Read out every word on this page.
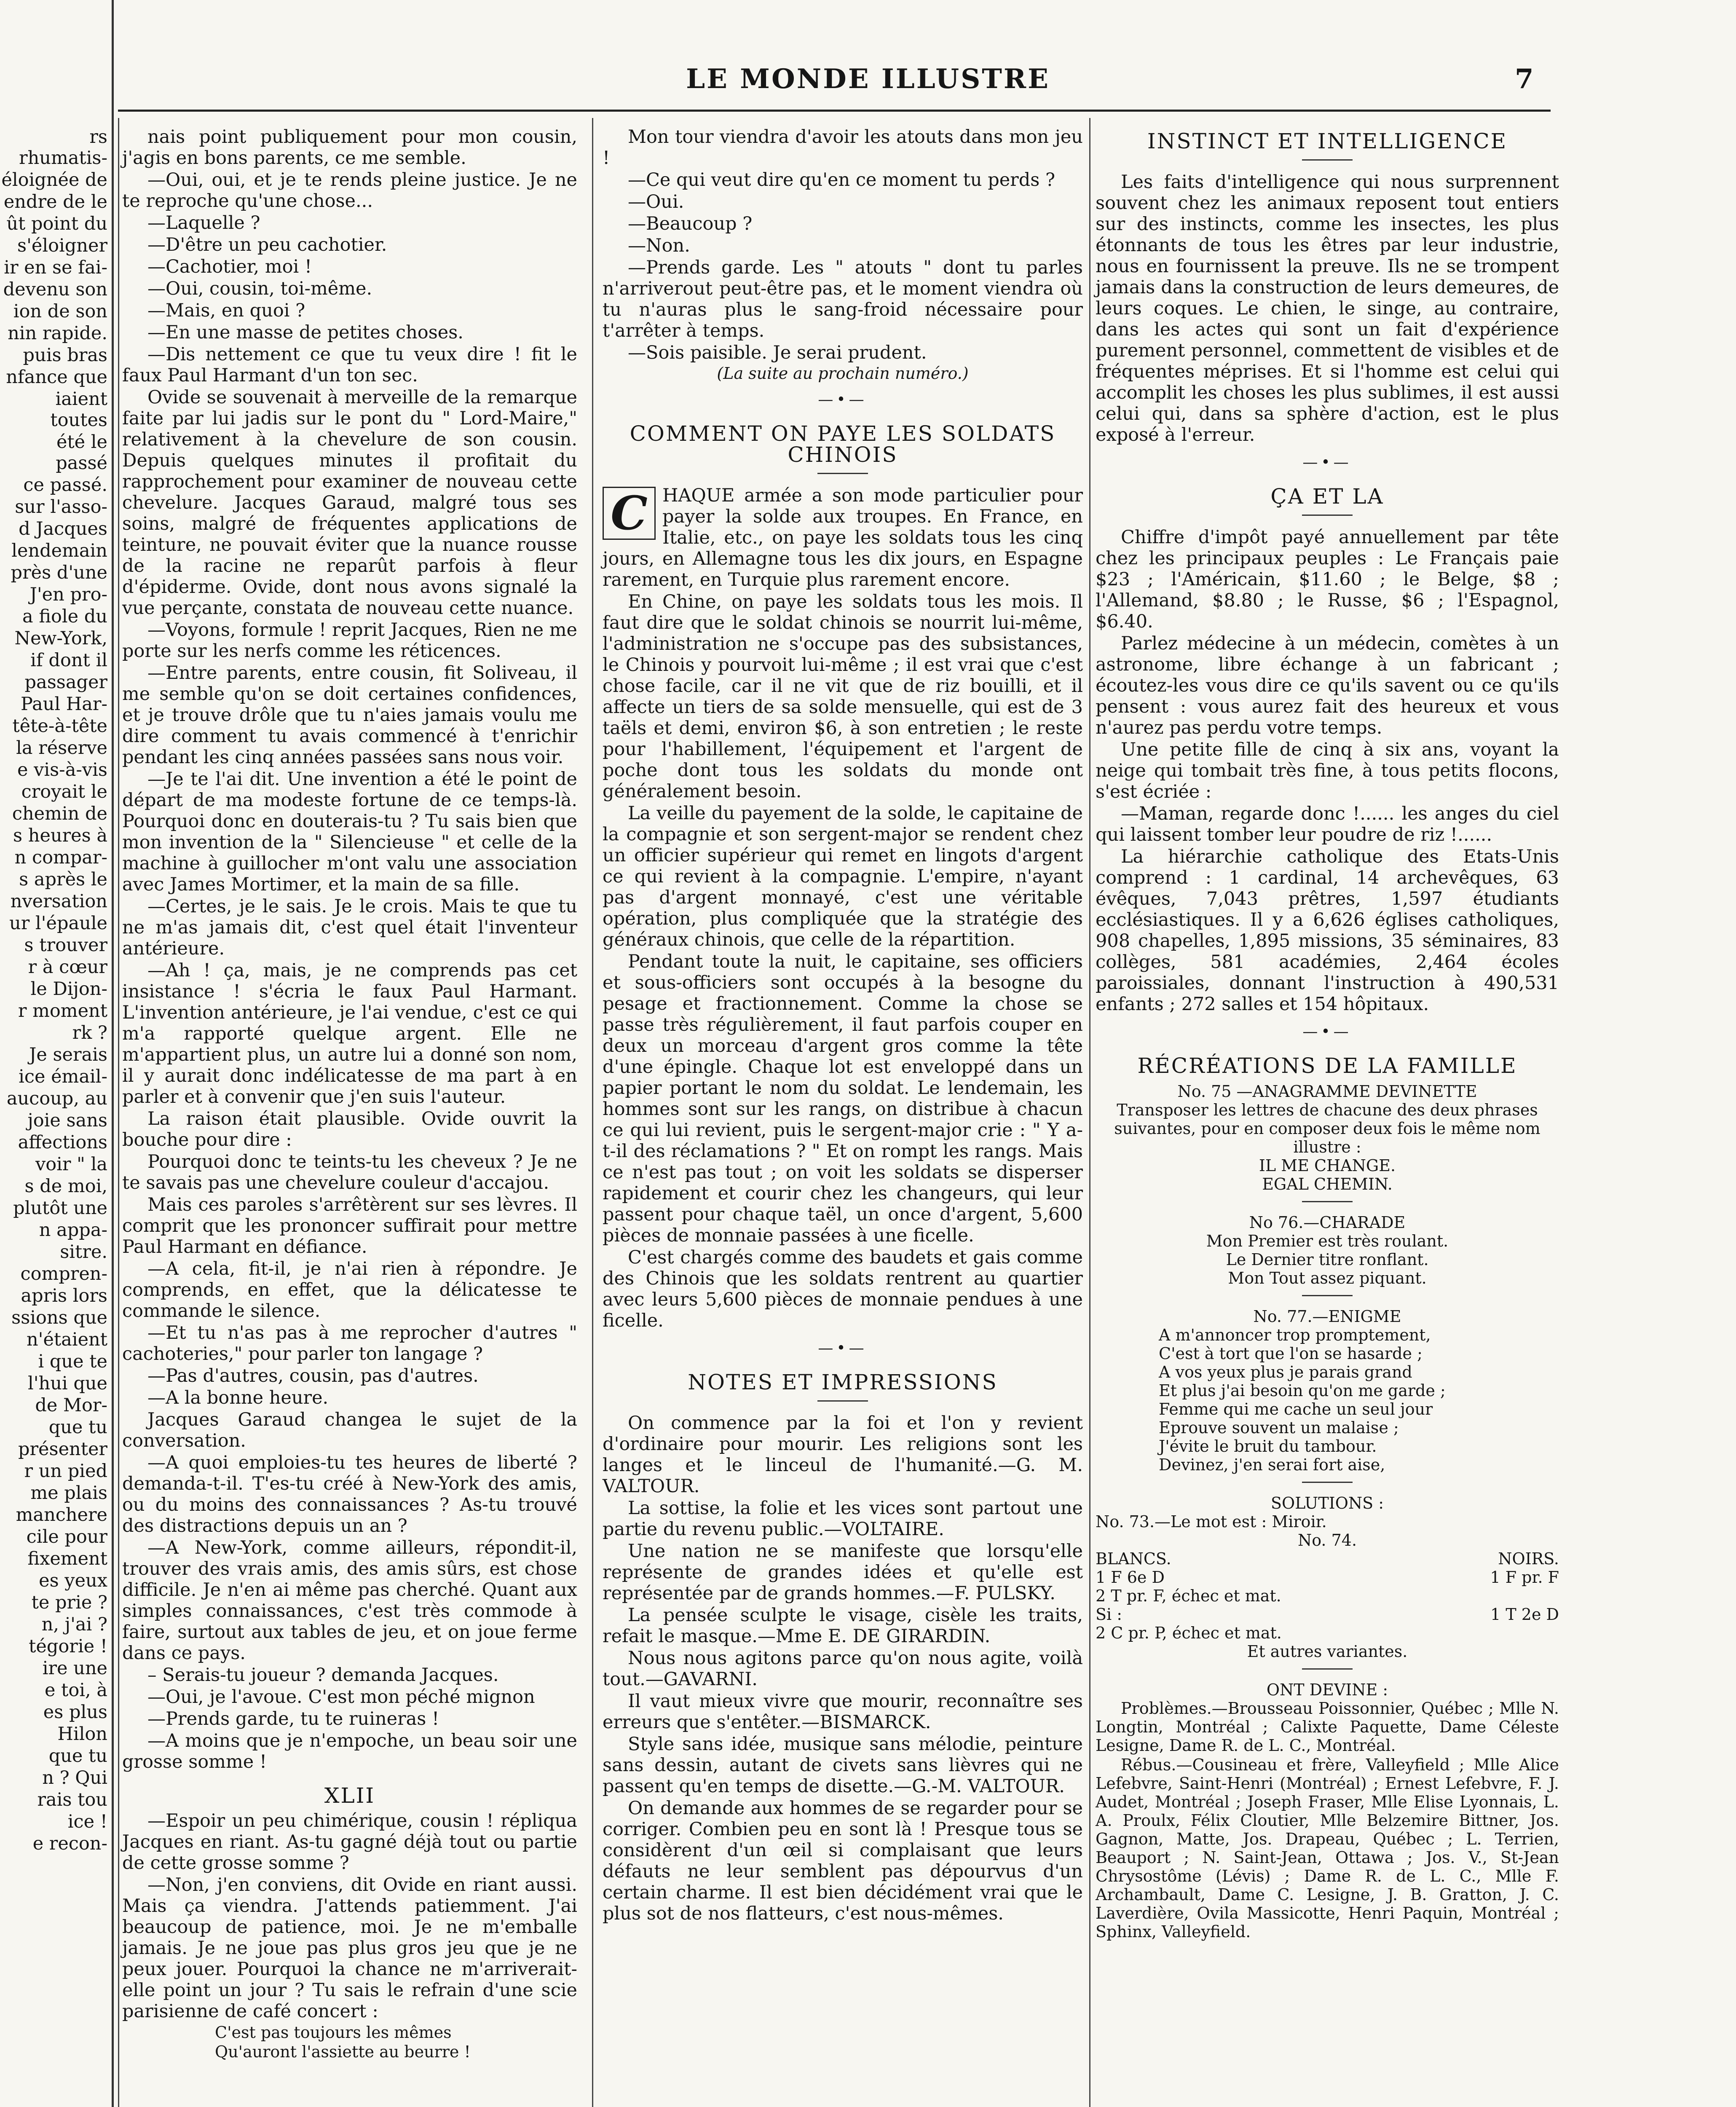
LE MONDE ILLUSTRE	7

rs rhumatis-

éloignée de

endre de le

ût point du

s'éloigner

ir en se fai-

devenu son

ion de son

nin rapide.

puis bras

nfance que

iaient toutes

été le passé

ce passé.

sur l'asso-

d Jacques

lendemain

près d'une

J'en pro-

a fiole du

New-York,

if dont il

passager

Paul Har-

tête-à-tête

la réserve

e vis-à-vis

croyait le

chemin de

s heures à

n compar-

s après le

nversation

ur l'épaule

s trouver

r à cœur

le Dijon-

r moment

rk ?

Je serais

ice émail-

aucoup, au

joie sans

affections

voir " la

s de moi,

plutôt une

n appa-

sitre.

compren-

apris lors

ssions que

n'étaient

i que te

l'hui que

de Mor-

que tu

présenter

r un pied

me plais

manchere

cile pour

fixement

es yeux

te prie ?

n, j'ai ?

tégorie !

ire une

e toi, à

es plus

Hilon

que tu

n ? Qui

rais tou

ice !

e recon-

nais point publiquement pour mon cousin, j'agis en bons parents, ce me semble.

—Oui, oui, et je te rends pleine justice. Je ne te reproche qu'une chose...

—Laquelle ?

—D'être un peu cachotier.

—Cachotier, moi !

—Oui, cousin, toi-même.

—Mais, en quoi ?

—En une masse de petites choses.

—Dis nettement ce que tu veux dire ! fit le faux Paul Harmant d'un ton sec.

Ovide se souvenait à merveille de la remarque faite par lui jadis sur le pont du " Lord-Maire," relativement à la chevelure de son cousin. Depuis quelques minutes il profitait du rapprochement pour examiner de nouveau cette chevelure. Jacques Garaud, malgré tous ses soins, malgré de fréquentes applications de teinture, ne pouvait éviter que la nuance rousse de la racine ne reparût parfois à fleur d'épiderme. Ovide, dont nous avons signalé la vue perçante, constata de nouveau cette nuance.

—Voyons, formule ! reprit Jacques, Rien ne me porte sur les nerfs comme les réticences.

—Entre parents, entre cousin, fit Soliveau, il me semble qu'on se doit certaines confidences, et je trouve drôle que tu n'aies jamais voulu me dire comment tu avais commencé à t'enrichir pendant les cinq années passées sans nous voir.

—Je te l'ai dit. Une invention a été le point de départ de ma modeste fortune de ce temps-là. Pourquoi donc en douterais-tu ? Tu sais bien que mon invention de la " Silencieuse " et celle de la machine à guillocher m'ont valu une association avec James Mortimer, et la main de sa fille.

—Certes, je le sais. Je le crois. Mais te que tu ne m'as jamais dit, c'est quel était l'inventeur antérieure.

—Ah ! ça, mais, je ne comprends pas cet insistance ! s'écria le faux Paul Harmant. L'invention antérieure, je l'ai vendue, c'est ce qui m'a rapporté quelque argent. Elle ne m'appartient plus, un autre lui a donné son nom, il y aurait donc indélicatesse de ma part à en parler et à convenir que j'en suis l'auteur.

La raison était plausible. Ovide ouvrit la bouche pour dire :

Pourquoi donc te teints-tu les cheveux ? Je ne te savais pas une chevelure couleur d'accajou.

Mais ces paroles s'arrêtèrent sur ses lèvres. Il comprit que les prononcer suffirait pour mettre Paul Harmant en défiance.

—A cela, fit-il, je n'ai rien à répondre. Je comprends, en effet, que la délicatesse te commande le silence.

—Et tu n'as pas à me reprocher d'autres " cachoteries," pour parler ton langage ?

—Pas d'autres, cousin, pas d'autres.

—A la bonne heure.

Jacques Garaud changea le sujet de la conversation.

—A quoi emploies-tu tes heures de liberté ? demanda-t-il. T'es-tu créé à New-York des amis, ou du moins des connaissances ? As-tu trouvé des distractions depuis un an ?

—A New-York, comme ailleurs, répondit-il, trouver des vrais amis, des amis sûrs, est chose difficile. Je n'en ai même pas cherché. Quant aux simples connaissances, c'est très commode à faire, surtout aux tables de jeu, et on joue ferme dans ce pays.

– Serais-tu joueur ? demanda Jacques.

—Oui, je l'avoue. C'est mon péché mignon

—Prends garde, tu te ruineras !

—A moins que je n'empoche, un beau soir une grosse somme !

XLII

—Espoir un peu chimérique, cousin ! répliqua Jacques en riant. As-tu gagné déjà tout ou partie de cette grosse somme ?

—Non, j'en conviens, dit Ovide en riant aussi. Mais ça viendra. J'attends patiemment. J'ai beaucoup de patience, moi. Je ne m'emballe jamais. Je ne joue pas plus gros jeu que je ne peux jouer. Pourquoi la chance ne m'arriverait-elle point un jour ? Tu sais le refrain d'une scie parisienne de café concert :

C'est pas toujours les mêmes
Qu'auront l'assiette au beurre !

Mon tour viendra d'avoir les atouts dans mon jeu !

—Ce qui veut dire qu'en ce moment tu perds ?

—Oui.

—Beaucoup ?

—Non.

—Prends garde. Les " atouts " dont tu parles n'arriverout peut-être pas, et le moment viendra où tu n'auras plus le sang-froid nécessaire pour t'arrêter à temps.

—Sois paisible. Je serai prudent.

(La suite au prochain numéro.)
—•—
COMMENT ON PAYE LES SOLDATS CHINOIS

C HAQUE armée a son mode particulier pour payer la solde aux troupes. En France, en Italie, etc., on paye les soldats tous les cinq jours, en Allemagne tous les dix jours, en Espagne rarement, en Turquie plus rarement encore.

En Chine, on paye les soldats tous les mois. Il faut dire que le soldat chinois se nourrit lui-même, l'administration ne s'occupe pas des subsistances, le Chinois y pourvoit lui-même ; il est vrai que c'est chose facile, car il ne vit que de riz bouilli, et il affecte un tiers de sa solde mensuelle, qui est de 3 taëls et demi, environ $6, à son entretien ; le reste pour l'habillement, l'équipement et l'argent de poche dont tous les soldats du monde ont généralement besoin.

La veille du payement de la solde, le capitaine de la compagnie et son sergent-major se rendent chez un officier supérieur qui remet en lingots d'argent ce qui revient à la compagnie. L'empire, n'ayant pas d'argent monnayé, c'est une véritable opération, plus compliquée que la stratégie des généraux chinois, que celle de la répartition.

Pendant toute la nuit, le capitaine, ses officiers et sous-officiers sont occupés à la besogne du pesage et fractionnement. Comme la chose se passe très régulièrement, il faut parfois couper en deux un morceau d'argent gros comme la tête d'une épingle. Chaque lot est enveloppé dans un papier portant le nom du soldat. Le lendemain, les hommes sont sur les rangs, on distribue à chacun ce qui lui revient, puis le sergent-major crie : " Y a-t-il des réclamations ? " Et on rompt les rangs. Mais ce n'est pas tout ; on voit les soldats se disperser rapidement et courir chez les changeurs, qui leur passent pour chaque taël, un once d'argent, 5,600 pièces de monnaie passées à une ficelle.

C'est chargés comme des baudets et gais comme des Chinois que les soldats rentrent au quartier avec leurs 5,600 pièces de monnaie pendues à une ficelle.

—•—
NOTES ET IMPRESSIONS

On commence par la foi et l'on y revient d'ordinaire pour mourir. Les religions sont les langes et le linceul de l'humanité.—G. M. VALTOUR.

La sottise, la folie et les vices sont partout une partie du revenu public.—VOLTAIRE.

Une nation ne se manifeste que lorsqu'elle représente de grandes idées et qu'elle est représentée par de grands hommes.—F. PULSKY.

La pensée sculpte le visage, cisèle les traits, refait le masque.—Mme E. DE GIRARDIN.

Nous nous agitons parce qu'on nous agite, voilà tout.—GAVARNI.

Il vaut mieux vivre que mourir, reconnaître ses erreurs que s'entêter.—BISMARCK.

Style sans idée, musique sans mélodie, peinture sans dessin, autant de civets sans lièvres qui ne passent qu'en temps de disette.—G.-M. VALTOUR.

On demande aux hommes de se regarder pour se corriger. Combien peu en sont là ! Presque tous se considèrent d'un œil si complaisant que leurs défauts ne leur semblent pas dépourvus d'un certain charme. Il est bien décidément vrai que le plus sot de nos flatteurs, c'est nous-mêmes.

INSTINCT ET INTELLIGENCE

Les faits d'intelligence qui nous surprennent souvent chez les animaux reposent tout entiers sur des instincts, comme les insectes, les plus étonnants de tous les êtres par leur industrie, nous en fournissent la preuve. Ils ne se trompent jamais dans la construction de leurs demeures, de leurs coques. Le chien, le singe, au contraire, dans les actes qui sont un fait d'expérience purement personnel, commettent de visibles et de fréquentes méprises. Et si l'homme est celui qui accomplit les choses les plus sublimes, il est aussi celui qui, dans sa sphère d'action, est le plus exposé à l'erreur.

—•—
ÇA ET LA

Chiffre d'impôt payé annuellement par tête chez les principaux peuples : Le Français paie $23 ; l'Américain, $11.60 ; le Belge, $8 ; l'Allemand, $8.80 ; le Russe, $6 ; l'Espagnol, $6.40.

Parlez médecine à un médecin, comètes à un astronome, libre échange à un fabricant ; écoutez-les vous dire ce qu'ils savent ou ce qu'ils pensent : vous aurez fait des heureux et vous n'aurez pas perdu votre temps.

Une petite fille de cinq à six ans, voyant la neige qui tombait très fine, à tous petits flocons, s'est écriée :

—Maman, regarde donc !...... les anges du ciel qui laissent tomber leur poudre de riz !......

La hiérarchie catholique des Etats-Unis comprend : 1 cardinal, 14 archevêques, 63 évêques, 7,043 prêtres, 1,597 étudiants ecclésiastiques. Il y a 6,626 églises catholiques, 908 chapelles, 1,895 missions, 35 séminaires, 83 collèges, 581 académies, 2,464 écoles paroissiales, donnant l'instruction à 490,531 enfants ; 272 salles et 154 hôpitaux.

—•—
RÉCRÉATIONS DE LA FAMILLE
No. 75 —ANAGRAMME DEVINETTE
Transposer les lettres de chacune des deux phrases suivantes, pour en composer deux fois le même nom illustre :
IL ME CHANGE.
EGAL CHEMIN.
No 76.—CHARADE
Mon Premier est très roulant.
Le Dernier titre ronflant.
Mon Tout assez piquant.
No. 77.—ENIGME
A m'annoncer trop promptement,
C'est à tort que l'on se hasarde ;
A vos yeux plus je parais grand
Et plus j'ai besoin qu'on me garde ;
Femme qui me cache un seul jour
Eprouve souvent un malaise ;
J'évite le bruit du tambour.
Devinez, j'en serai fort aise,
SOLUTIONS :
No. 73.—Le mot est : Miroir.
No. 74.
BLANCS.	NOIRS.
1 F 6e D	1 F pr. F
2 T pr. F, échec et mat.
Si :	1 T 2e D
2 C pr. P, échec et mat.
Et autres variantes.
ONT DEVINE :

Problèmes.—Brousseau Poissonnier, Québec ; Mlle N. Longtin, Montréal ; Calixte Paquette, Dame Céleste Lesigne, Dame R. de L. C., Montréal.

Rébus.—Cousineau et frère, Valleyfield ; Mlle Alice Lefebvre, Saint-Henri (Montréal) ; Ernest Lefebvre, F. J. Audet, Montréal ; Joseph Fraser, Mlle Elise Lyonnais, L. A. Proulx, Félix Cloutier, Mlle Belzemire Bittner, Jos. Gagnon, Matte, Jos. Drapeau, Québec ; L. Terrien, Beauport ; N. Saint-Jean, Ottawa ; Jos. V., St-Jean Chrysostôme (Lévis) ; Dame R. de L. C., Mlle F. Archambault, Dame C. Lesigne, J. B. Gratton, J. C. Laverdière, Ovila Massicotte, Henri Paquin, Montréal ; Sphinx, Valleyfield.
